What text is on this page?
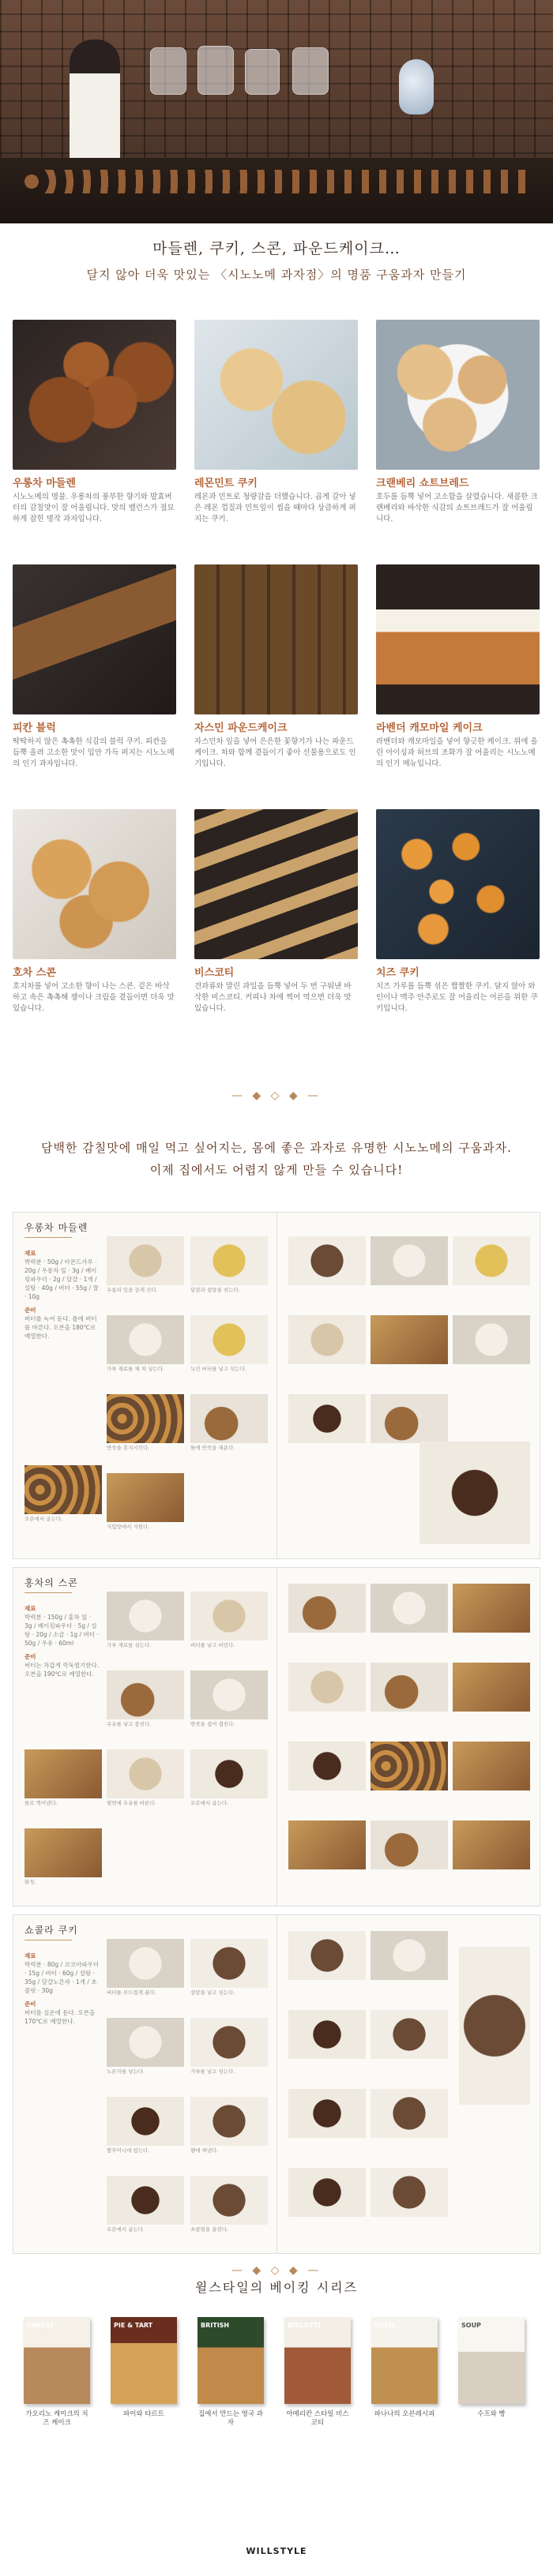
마들렌, 쿠키, 스콘, 파운드케이크…
달지 않아 더욱 맛있는 〈시노노메 과자점〉의 명품 구움과자 만들기
우롱차 마들렌
시노노메의 명물. 우롱차의 풍부한 향기와 발효버터의 감칠맛이 잘 어울립니다. 맛의 밸런스가 절묘하게 잡힌 명작 과자입니다.
레몬민트 쿠키
레몬과 민트로 청량감을 더했습니다. 곱게 갈아 넣은 레몬 껍질과 민트잎이 씹을 때마다 상큼하게 퍼지는 쿠키.
크랜베리 쇼트브레드
호두를 듬뿍 넣어 고소함을 살렸습니다. 새콤한 크랜베리와 바삭한 식감의 쇼트브레드가 잘 어울립니다.
피칸 블럭
딱딱하지 않은 촉촉한 식감의 블럭 쿠키. 피칸을 듬뿍 올려 고소한 맛이 입안 가득 퍼지는 시노노메의 인기 과자입니다.
자스민 파운드케이크
자스민차 잎을 넣어 은은한 꽃향기가 나는 파운드케이크. 차와 함께 곁들이기 좋아 선물용으로도 인기입니다.
라벤더 캐모마일 케이크
라벤더와 캐모마일을 넣어 향긋한 케이크. 위에 올린 아이싱과 허브의 조화가 잘 어울리는 시노노메의 인기 메뉴입니다.
호차 스콘
호지차를 넣어 고소한 향이 나는 스콘. 겉은 바삭하고 속은 촉촉해 잼이나 크림을 곁들이면 더욱 맛있습니다.
비스코티
견과류와 말린 과일을 듬뿍 넣어 두 번 구워낸 바삭한 비스코티. 커피나 차에 찍어 먹으면 더욱 맛있습니다.
치즈 쿠키
치즈 가루를 듬뿍 섞은 짭짤한 쿠키. 달지 않아 와인이나 맥주 안주로도 잘 어울리는 어른을 위한 쿠키입니다.
— ◆ ◇ ◆ —
담백한 감칠맛에 매일 먹고 싶어지는, 몸에 좋은 과자로 유명한 시노노메의 구움과자.
이제 집에서도 어렵지 않게 만들 수 있습니다!
우롱차 마들렌
재료
박력분 · 50g / 아몬드가루 · 20g / 우롱차 잎 · 3g / 베이킹파우더 · 2g / 달걀 · 1개 / 설탕 · 40g / 버터 · 55g / 꿀 · 10g
준비
버터를 녹여 둔다. 틀에 버터를 바른다. 오븐을 180℃로 예열한다.
우롱차 잎을 곱게 간다.	달걀과 설탕을 섞는다.
가루 재료를 체 쳐 넣는다.	녹인 버터를 넣고 섞는다.
반죽을 휴지시킨다.	틀에 반죽을 채운다.
오븐에서 굽는다.
식힘망에서 식힌다.
홍차의 스콘
재료
박력분 · 150g / 홍차 잎 · 3g / 베이킹파우더 · 5g / 설탕 · 20g / 소금 · 1g / 버터 · 50g / 우유 · 60ml
준비
버터는 차갑게 깍둑썰기한다. 오븐을 190℃로 예열한다.
가루 재료를 섞는다.	버터를 넣고 비빈다.
우유를 넣고 뭉친다.	반죽을 접어 겹친다.
틀로 찍어낸다.	윗면에 우유를 바른다.	오븐에서 굽는다.
완성.
쇼콜라 쿠키
재료
박력분 · 80g / 코코아파우더 · 15g / 버터 · 60g / 설탕 · 35g / 달걀노른자 · 1개 / 초콜릿 · 30g
준비
버터를 실온에 둔다. 오븐을 170℃로 예열한다.
버터를 부드럽게 푼다.	설탕을 넣고 섞는다.
노른자를 넣는다.	가루를 넣고 섞는다.
짤주머니에 담는다.	팬에 짜낸다.
오븐에서 굽는다.	초콜릿을 올린다.
— ◆ ◇ ◆ —
윌스타일의 베이킹 시리즈
CHEESE
가오리노 케이크의 치즈 케이크
PIE & TART
파이와 타르트
BRITISH
집에서 만드는 영국 과자
BISCOTTI
아메리칸 스타일 비스코티
OVEN
파나나의 오븐레시피
SOUP
수프와 빵
WILLSTYLE
